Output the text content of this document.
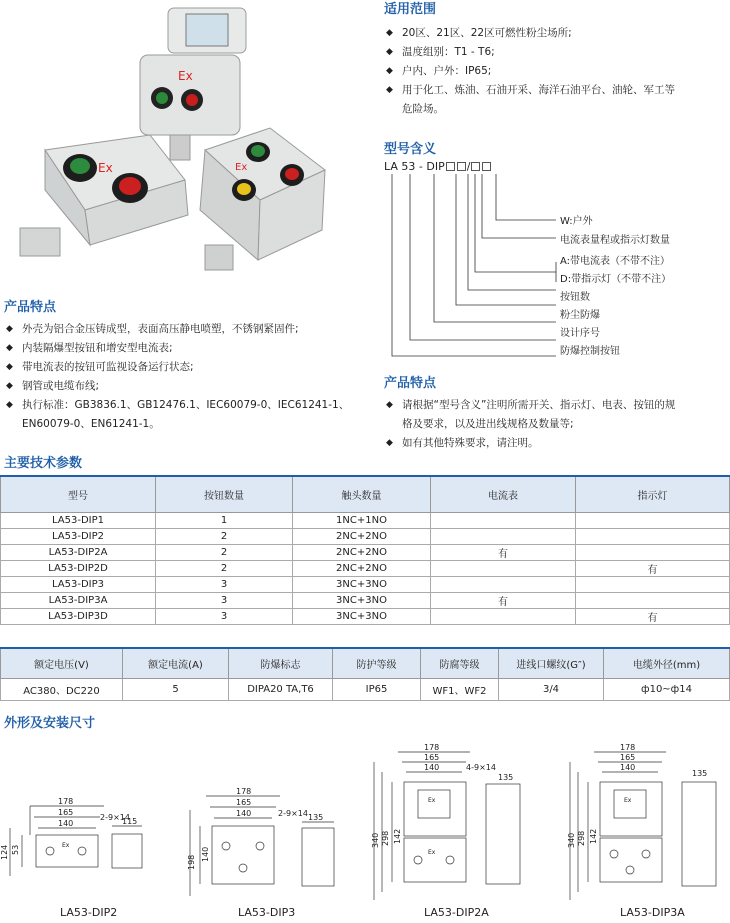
Ex
Ex	Ex
适用范围
◆ 20区、21区、22区可燃性粉尘场所;
◆ 温度组别：T1 - T6;
◆ 户内、户外：IP65;
◆ 用于化工、炼油、石油开采、海洋石油平台、油轮、军工等
危险场。
型号含义
LA 53 - DIP /
W:户外
电流表量程或指示灯数量
A:带电流表（不带不注）
D:带指示灯（不带不注）
按钮数
粉尘防爆
设计序号
防爆控制按钮
产品特点
◆ 请根据“型号含义”注明所需开关、指示灯、电表、按钮的规
格及要求，以及进出线规格及数量等;
◆ 如有其他特殊要求，请注明。
产品特点
◆ 外壳为铝合金压铸成型，表面高压静电喷塑，不锈钢紧固件;
◆ 内装隔爆型按钮和增安型电流表;
◆ 带电流表的按钮可监视设备运行状态;
◆ 钢管或电缆布线;
◆ 执行标准：GB3836.1、GB12476.1、IEC60079-0、IEC61241-1、
EN60079-0、EN61241-1。
主要技术参数
型号	按钮数量	触头数量	电流表	指示灯
LA53-DIP1	1	1NC+1NO		
LA53-DIP2	2	2NC+2NO		
LA53-DIP2A	2	2NC+2NO	有	
LA53-DIP2D	2	2NC+2NO		有
LA53-DIP3	3	3NC+3NO		
LA53-DIP3A	3	3NC+3NO	有	
LA53-DIP3D	3	3NC+3NO		有
额定电压(V)	额定电流(A)	防爆标志	防护等级	防腐等级	进线口螺纹(G″)	电缆外径(mm)
AC380、DC220	5	DIPA20 TA,T6	IP65	WF1、WF2	3/4	ф10~ф14
外形及安装尺寸
178
165
140
2-9×14
53
124
115
Ex
LA53-DIP2
178
165
140	2-9×14
140
198
135
LA53-DIP3
178
165
140	4-9×14
142
298
340
135
Ex
Ex
LA53-DIP2A
178
165
140
142
298
340
135
Ex
LA53-DIP3A
